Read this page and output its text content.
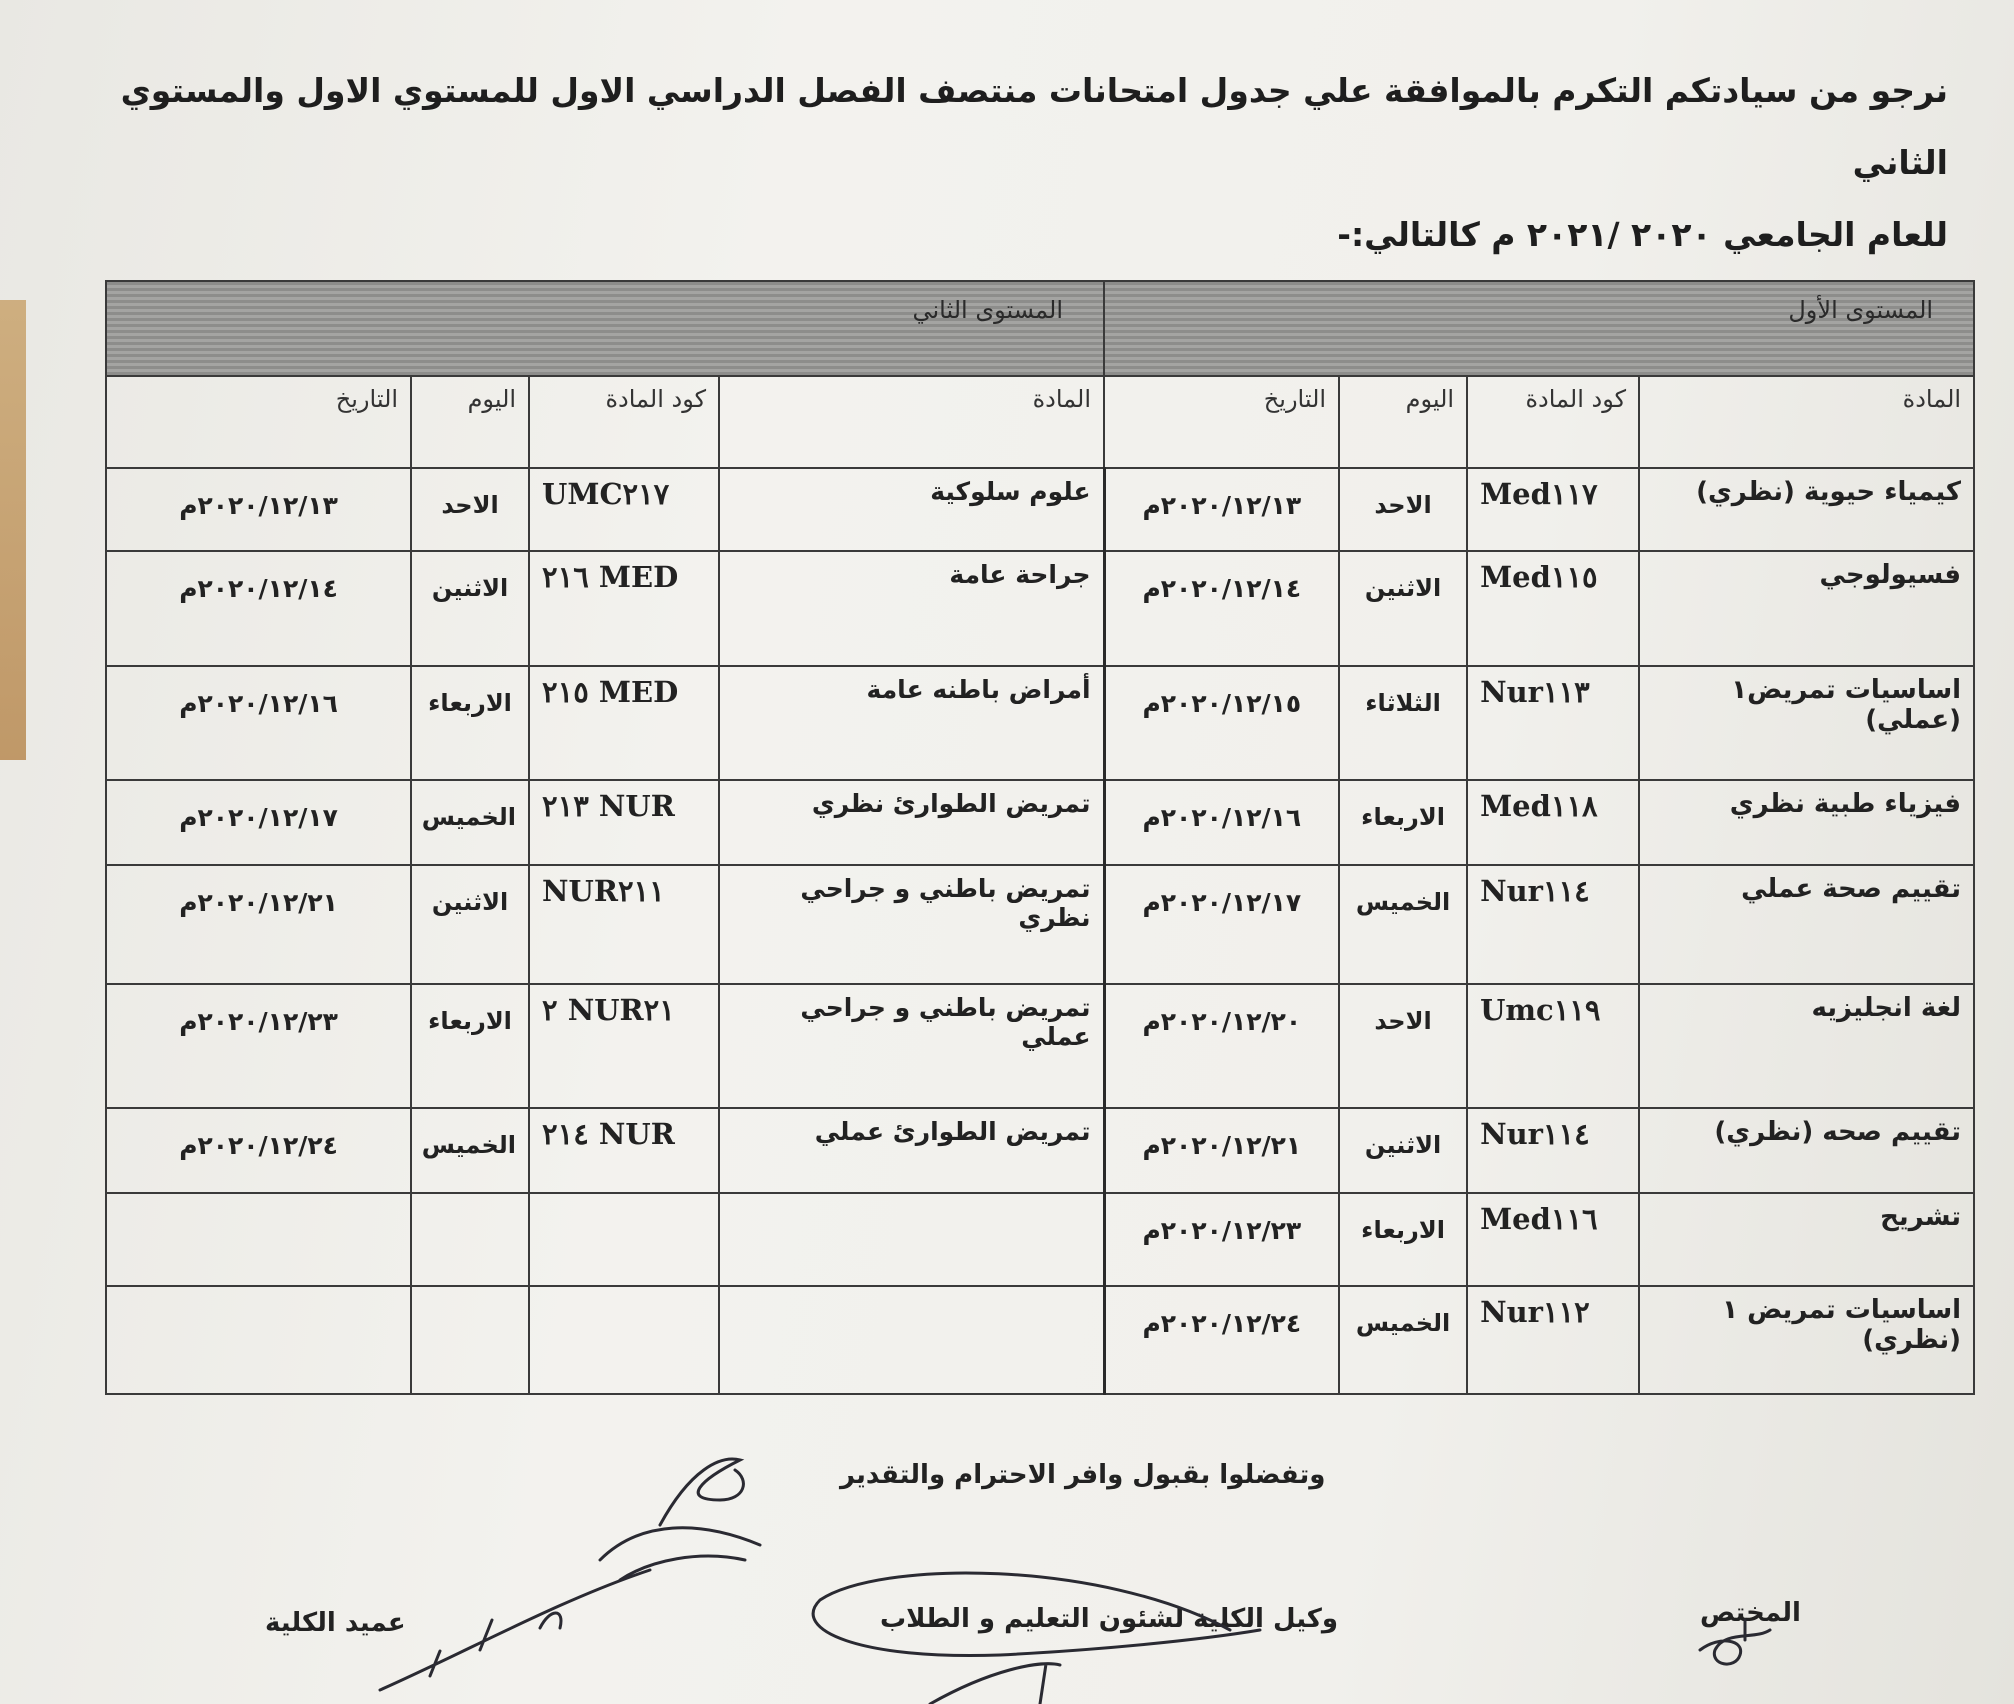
نرجو من سيادتكم التكرم بالموافقة علي جدول امتحانات منتصف الفصل الدراسي الاول للمستوي الاول والمستوي الثاني

للعام الجامعي ٢٠٢٠ /٢٠٢١ م كالتالي:-

المستوى الأول				المستوى الثاني			
المادة	كود المادة	اليوم	التاريخ	المادة	كود المادة	اليوم	التاريخ
كيمياء حيوية (نظري)	Med١١٧	الاحد	٢٠٢٠/١٢/١٣م	علوم سلوكية	UMC٢١٧	الاحد	٢٠٢٠/١٢/١٣م
فسيولوجي	Med١١٥	الاثنين	٢٠٢٠/١٢/١٤م	جراحة عامة	MED ٢١٦	الاثنين	٢٠٢٠/١٢/١٤م
اساسيات تمريض١ (عملي)	Nur١١٣	الثلاثاء	٢٠٢٠/١٢/١٥م	أمراض باطنه عامة	MED ٢١٥	الاربعاء	٢٠٢٠/١٢/١٦م
فيزياء طبية نظري	Med١١٨	الاربعاء	٢٠٢٠/١٢/١٦م	تمريض الطوارئ نظري	NUR ٢١٣	الخميس	٢٠٢٠/١٢/١٧م
تقييم صحة عملي	Nur١١٤	الخميس	٢٠٢٠/١٢/١٧م	تمريض باطني و جراحي نظري	NUR٢١١	الاثنين	٢٠٢٠/١٢/٢١م
لغة انجليزيه	Umc١١٩	الاحد	٢٠٢٠/١٢/٢٠م	تمريض باطني و جراحي عملي	NUR٢١ ٢	الاربعاء	٢٠٢٠/١٢/٢٣م
تقييم صحه (نظري)	Nur١١٤	الاثنين	٢٠٢٠/١٢/٢١م	تمريض الطوارئ عملي	NUR ٢١٤	الخميس	٢٠٢٠/١٢/٢٤م
تشريح	Med١١٦	الاربعاء	٢٠٢٠/١٢/٢٣م				
اساسيات تمريض ١ (نظري)	Nur١١٢	الخميس	٢٠٢٠/١٢/٢٤م				
وتفضلوا بقبول وافر الاحترام والتقدير
المختص
وكيل الكلية لشئون التعليم و الطلاب
عميد الكلية
